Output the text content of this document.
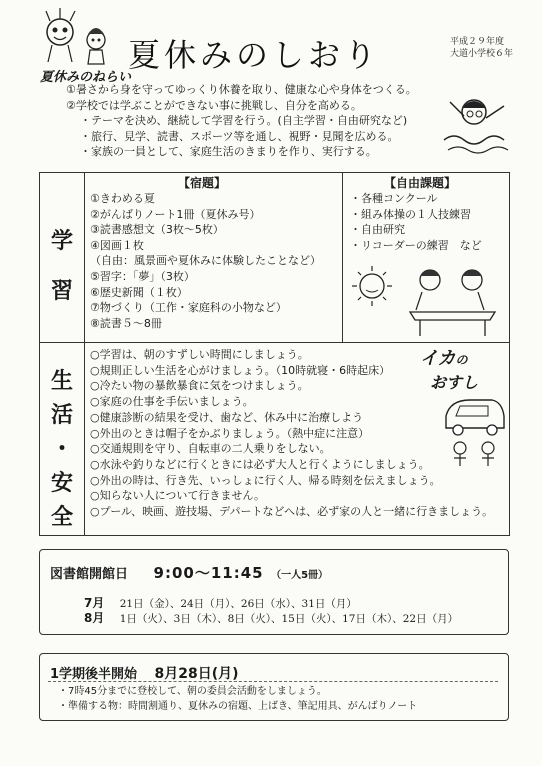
夏休みのしおり	平成２９年度
大道小学校６年
夏休みのねらい
①暑さから身を守ってゆっくり休養を取り、健康な心や身体をつくる。
②学校では学ぶことができない事に挑戦し、自分を高める。
・テーマを決め、継続して学習を行う。(自主学習・自由研究など)
・旅行、見学、読書、スポーツ等を通し、視野・見聞を広める。
・家族の一員として、家庭生活のきまりを作り、実行する。
学
習
【宿題】
①きわめる夏
②がんばりノート1冊（夏休み号）
③読書感想文（3枚～5枚）
④図画１枚
（自由：風景画や夏休みに体験したことなど）
⑤習字：「夢」（3枚）
⑥歴史新聞（１枚）
⑦物づくり（工作・家庭科の小物など）
⑧読書５～8冊
【自由課題】
・各種コンクール
・組み体操の１人技練習
・自由研究
・リコーダーの練習　など
生
活
・
安
全
イカの
おすし
○学習は、朝のすずしい時間にしましょう。
○規則正しい生活を心がけましょう。（10時就寝・6時起床）
○冷たい物の暴飲暴食に気をつけましょう。
○家庭の仕事を手伝いましょう。
○健康診断の結果を受け、歯など、休み中に治療しよう
○外出のときは帽子をかぶりましょう。（熱中症に注意）
○交通規則を守り、自転車の二人乗りをしない。
○水泳や釣りなどに行くときには必ず大人と行くようにしましょう。
○外出の時は、行き先、いっしょに行く人、帰る時刻を伝えましょう。
○知らない人について行きません。
○プール、映画、遊技場、デパートなどへは、必ず家の人と一緒に行きましょう。
図書館開館日 9:00～11:45 （一人5冊）
7月 21日（金）、24日（月）、26日（水）、31日（月）
8月 1日（火）、3日（木）、8日（火）、15日（火）、17日（木）、22日（月）
1学期後半開始 8月28日(月)
・7時45分までに登校して、朝の委員会活動をしましょう。
・準備する物：時間割通り、夏休みの宿題、上ばき、筆記用具、がんばりノート
